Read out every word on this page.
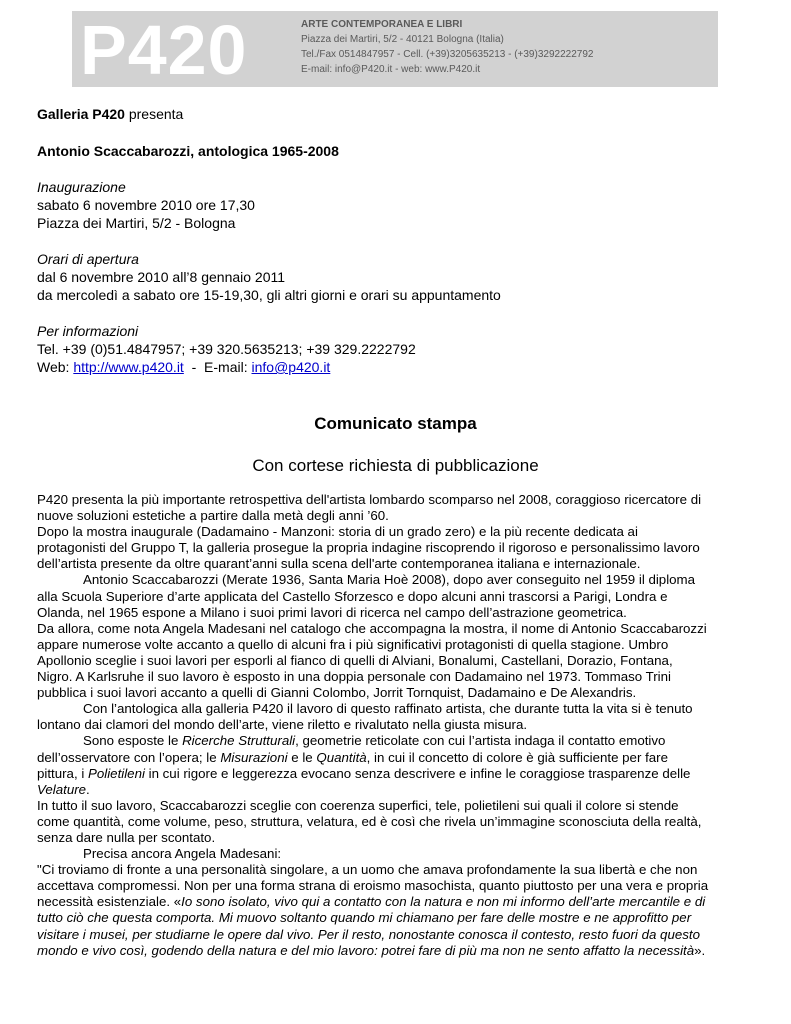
P420	ARTE CONTEMPORANEA E LIBRI
Piazza dei Martiri, 5/2 - 40121 Bologna (Italia)
Tel./Fax 0514847957 - Cell. (+39)3205635213 - (+39)3292222792
E-mail: info@P420.it - web: www.P420.it

Galleria P420 presenta

Antonio Scaccabarozzi, antologica 1965-2008

Inaugurazione
sabato 6 novembre 2010 ore 17,30
Piazza dei Martiri, 5/2 - Bologna
Orari di apertura
dal 6 novembre 2010 all’8 gennaio 2011
da mercoledì a sabato ore 15-19,30, gli altri giorni e orari su appuntamento
Per informazioni
Tel. +39 (0)51.4847957; +39 320.5635213; +39 329.2222792
Web: http://www.p420.it  -  E-mail: info@p420.it
Comunicato stampa
Con cortese richiesta di pubblicazione

P420 presenta la più importante retrospettiva dell'artista lombardo scomparso nel 2008, coraggioso ricercatore di

nuove soluzioni estetiche a partire dalla metà degli anni ’60.

Dopo la mostra inaugurale (Dadamaino - Manzoni: storia di un grado zero) e la più recente dedicata ai

protagonisti del Gruppo T, la galleria prosegue la propria indagine riscoprendo il rigoroso e personalissimo lavoro

dell’artista presente da oltre quarant’anni sulla scena dell'arte contemporanea italiana e internazionale.

Antonio Scaccabarozzi (Merate 1936, Santa Maria Hoè 2008), dopo aver conseguito nel 1959 il diploma

alla Scuola Superiore d’arte applicata del Castello Sforzesco e dopo alcuni anni trascorsi a Parigi, Londra e

Olanda, nel 1965 espone a Milano i suoi primi lavori di ricerca nel campo dell’astrazione geometrica.

Da allora, come nota Angela Madesani nel catalogo che accompagna la mostra, il nome di Antonio Scaccabarozzi

appare numerose volte accanto a quello di alcuni fra i più significativi protagonisti di quella stagione. Umbro

Apollonio sceglie i suoi lavori per esporli al fianco di quelli di Alviani, Bonalumi, Castellani, Dorazio, Fontana,

Nigro. A Karlsruhe il suo lavoro è esposto in una doppia personale con Dadamaino nel 1973. Tommaso Trini

pubblica i suoi lavori accanto a quelli di Gianni Colombo, Jorrit Tornquist, Dadamaino e De Alexandris.

Con l’antologica alla galleria P420 il lavoro di questo raffinato artista, che durante tutta la vita si è tenuto

lontano dai clamori del mondo dell’arte, viene riletto e rivalutato nella giusta misura.

Sono esposte le Ricerche Strutturali, geometrie reticolate con cui l’artista indaga il contatto emotivo

dell’osservatore con l’opera; le Misurazioni e le Quantità, in cui il concetto di colore è già sufficiente per fare

pittura, i Polietileni in cui rigore e leggerezza evocano senza descrivere e infine le coraggiose trasparenze delle

Velature.

In tutto il suo lavoro, Scaccabarozzi sceglie con coerenza superfici, tele, polietileni sui quali il colore si stende

come quantità, come volume, peso, struttura, velatura, ed è così che rivela un’immagine sconosciuta della realtà,

senza dare nulla per scontato.

Precisa ancora Angela Madesani:

"Ci troviamo di fronte a una personalità singolare, a un uomo che amava profondamente la sua libertà e che non

accettava compromessi. Non per una forma strana di eroismo masochista, quanto piuttosto per una vera e propria

necessità esistenziale. «Io sono isolato, vivo qui a contatto con la natura e non mi informo dell’arte mercantile e di

tutto ciò che questa comporta. Mi muovo soltanto quando mi chiamano per fare delle mostre e ne approfitto per

visitare i musei, per studiarne le opere dal vivo. Per il resto, nonostante conosca il contesto, resto fuori da questo

mondo e vivo così, godendo della natura e del mio lavoro: potrei fare di più ma non ne sento affatto la necessità».
